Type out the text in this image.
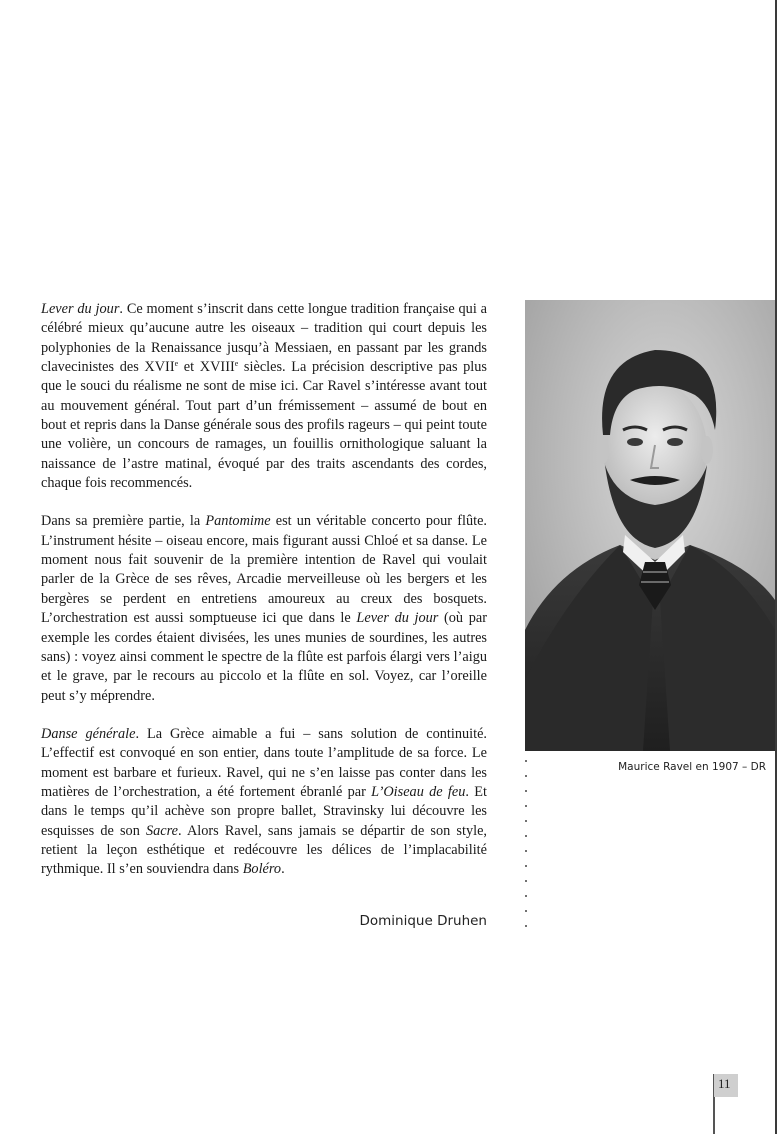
Lever du jour. Ce moment s’inscrit dans cette longue tradition française qui a célébré mieux qu’aucune autre les oiseaux – tradition qui court depuis les polyphonies de la Renaissance jusqu’à Messiaen, en passant par les grands clavecinistes des XVIIe et XVIIIe siècles. La précision descriptive pas plus que le souci du réalisme ne sont de mise ici. Car Ravel s’intéresse avant tout au mouvement général. Tout part d’un frémissement – assumé de bout en bout et repris dans la Danse générale sous des profils rageurs – qui peint toute une volière, un concours de ramages, un fouillis ornithologique saluant la naissance de l’astre matinal, évoqué par des traits ascendants des cordes, chaque fois recommencés.

Dans sa première partie, la Pantomime est un véritable concerto pour flûte. L’instrument hésite – oiseau encore, mais figurant aussi Chloé et sa danse. Le moment nous fait souvenir de la première intention de Ravel qui voulait parler de la Grèce de ses rêves, Arcadie merveilleuse où les bergers et les bergères se perdent en entretiens amoureux au creux des bosquets. L’orchestration est aussi somptueuse ici que dans le Lever du jour (où par exemple les cordes étaient divisées, les unes munies de sourdines, les autres sans) : voyez ainsi comment le spectre de la flûte est parfois élargi vers l’aigu et le grave, par le recours au piccolo et la flûte en sol. Voyez, car l’oreille peut s’y méprendre.

Danse générale. La Grèce aimable a fui – sans solution de continuité. L’effectif est convoqué en son entier, dans toute l’amplitude de sa force. Le moment est barbare et furieux. Ravel, qui ne s’en laisse pas conter dans les matières de l’orchestration, a été fortement ébranlé par L’Oiseau de feu. Et dans le temps qu’il achève son propre ballet, Stravinsky lui découvre les esquisses de son Sacre. Alors Ravel, sans jamais se départir de son style, retient la leçon esthétique et redécouvre les délices de l’implacabilité rythmique. Il s’en souviendra dans Boléro.

Dominique Druhen
Maurice Ravel en 1907 – DR
11
